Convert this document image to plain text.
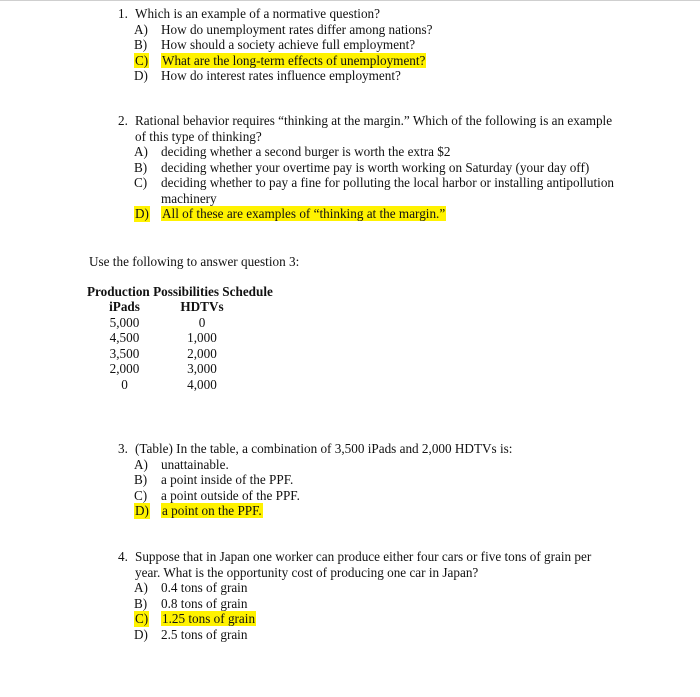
1. Which is an example of a normative question?
A) How do unemployment rates differ among nations?
B) How should a society achieve full employment?
C) What are the long-term effects of unemployment?
D) How do interest rates influence employment?
2. Rational behavior requires “thinking at the margin.” Which of the following is an example of this type of thinking?
A) deciding whether a second burger is worth the extra $2
B) deciding whether your overtime pay is worth working on Saturday (your day off)
C) deciding whether to pay a fine for polluting the local harbor or installing antipollution machinery
D) All of these are examples of “thinking at the margin.”
Use the following to answer question 3:
Production Possibilities Schedule
iPads	HDTVs
5,000	0
4,500	1,000
3,500	2,000
2,000	3,000
0	4,000
3. (Table) In the table, a combination of 3,500 iPads and 2,000 HDTVs is:
A) unattainable.
B) a point inside of the PPF.
C) a point outside of the PPF.
D) a point on the PPF.
4. Suppose that in Japan one worker can produce either four cars or five tons of grain per year. What is the opportunity cost of producing one car in Japan?
A) 0.4 tons of grain
B) 0.8 tons of grain
C) 1.25 tons of grain
D) 2.5 tons of grain
